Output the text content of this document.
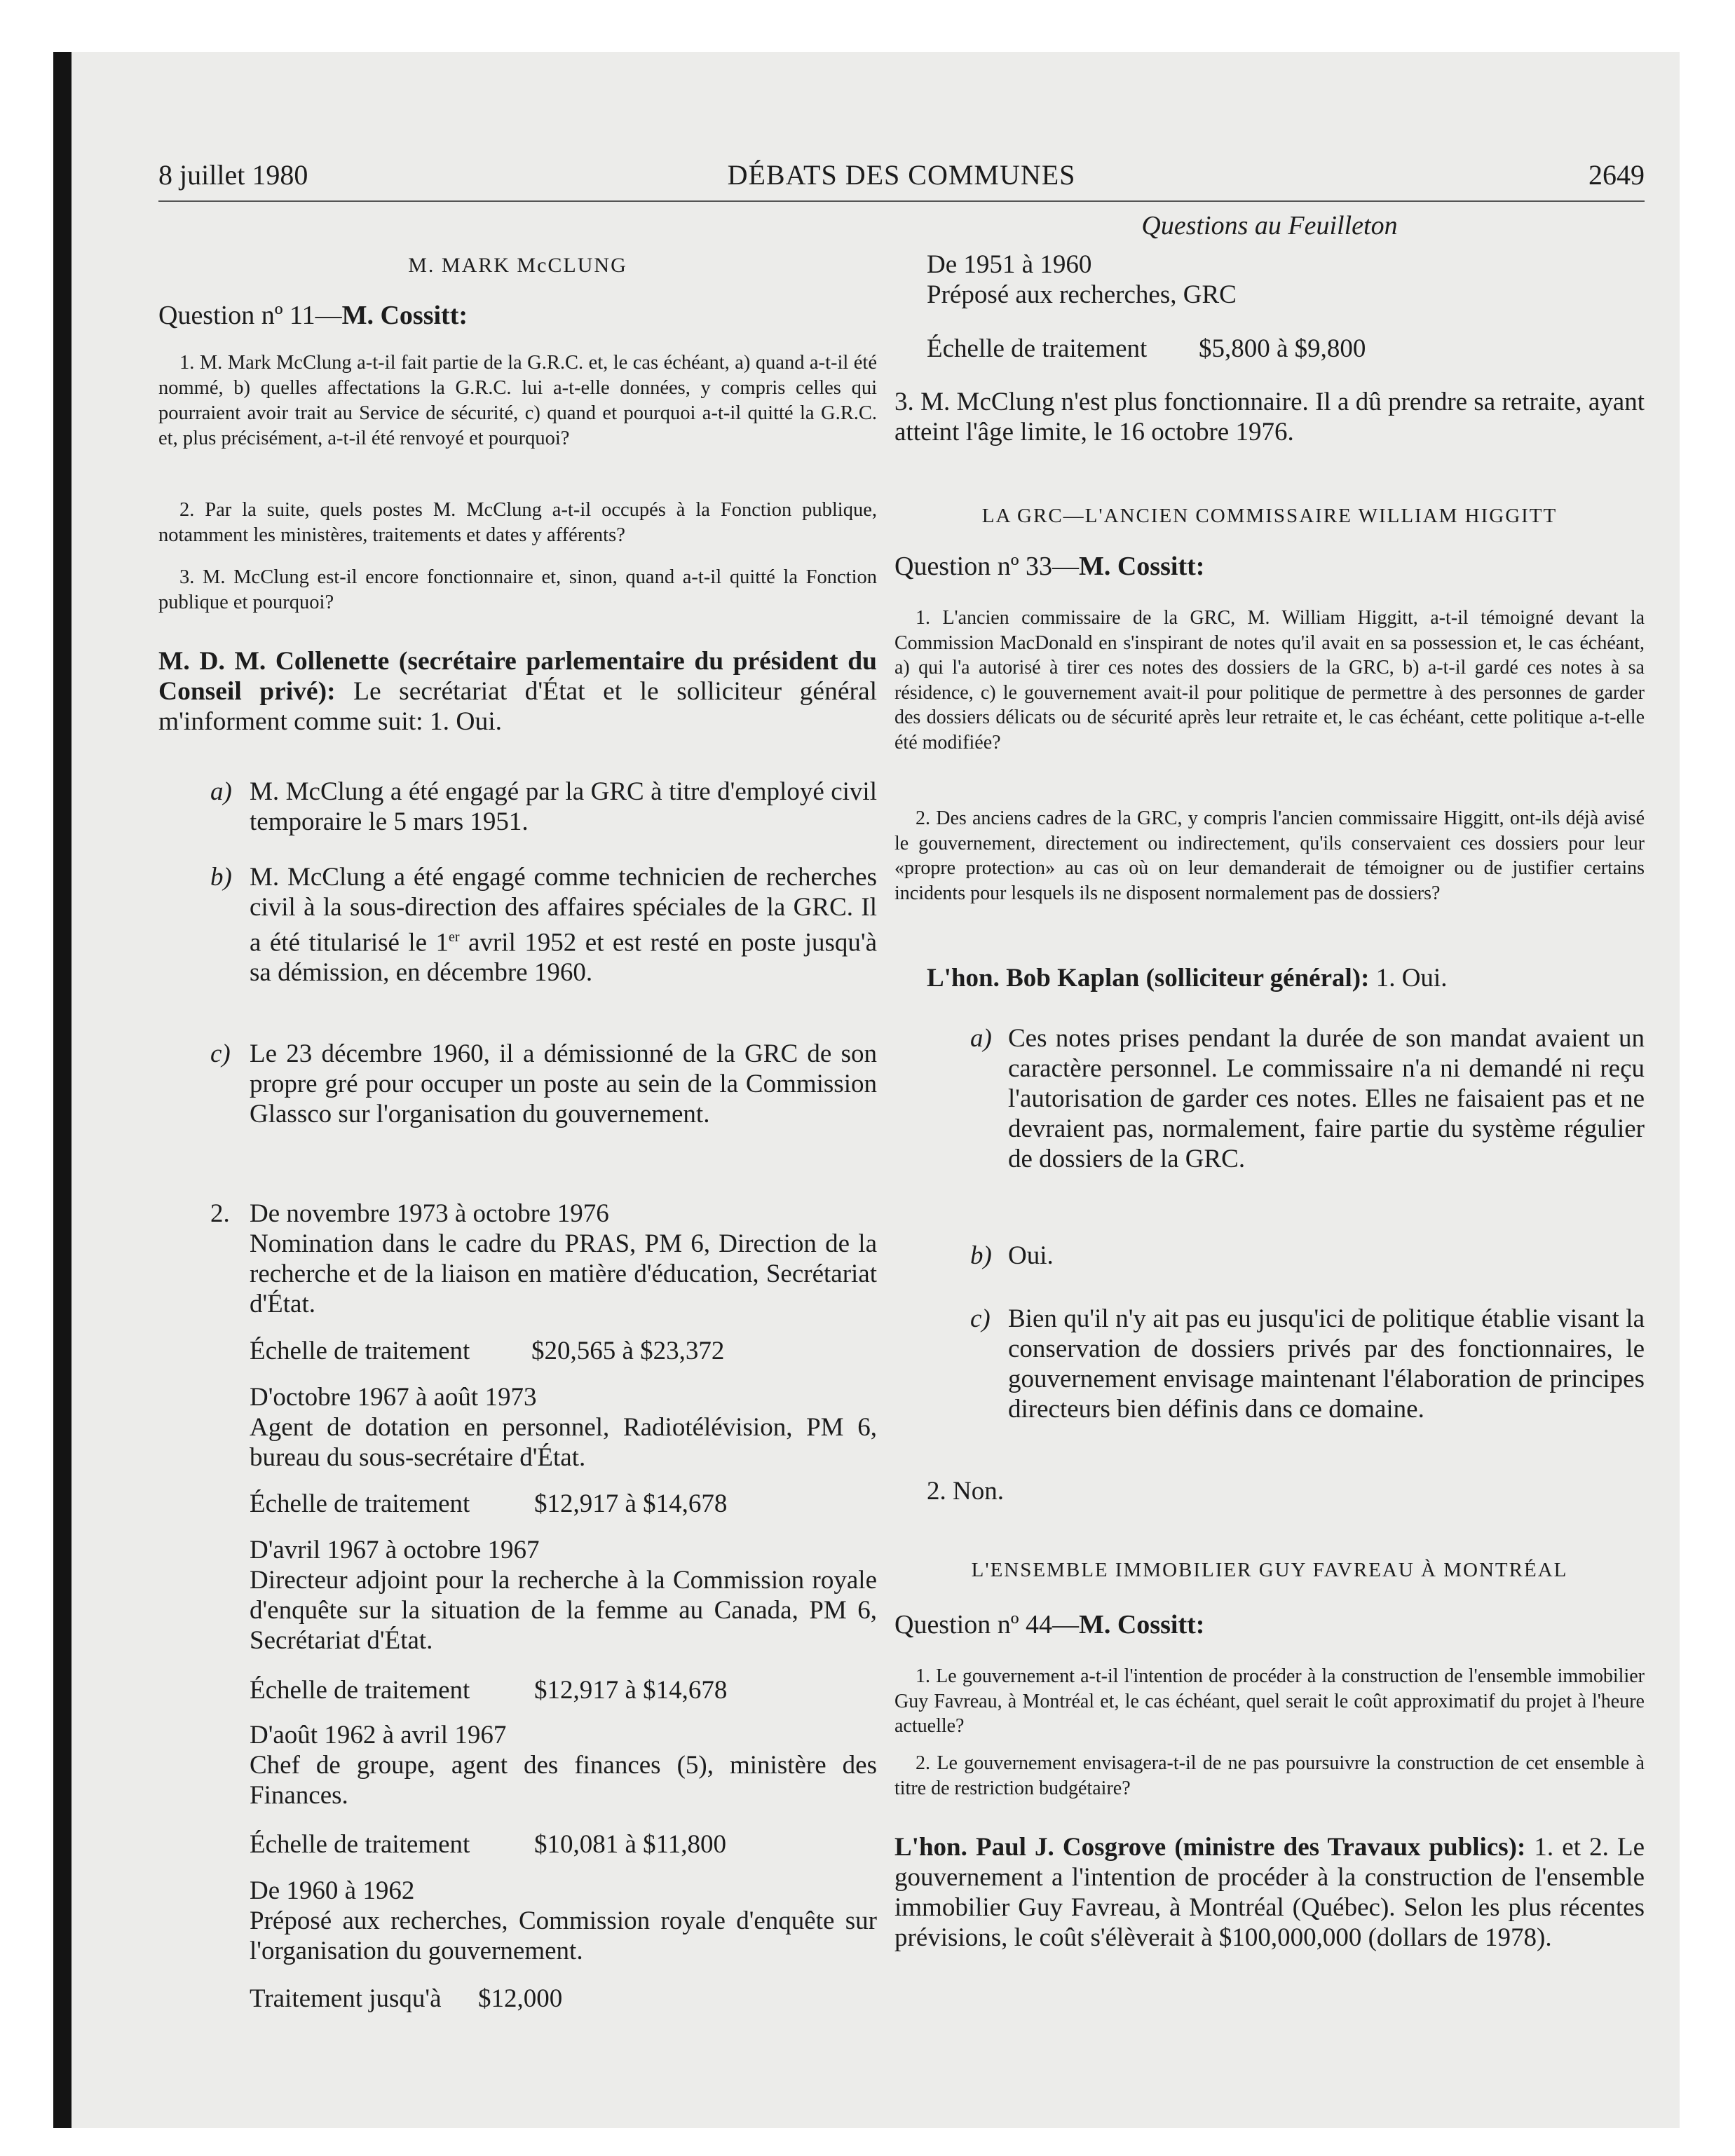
8 juillet 1980	DÉBATS DES COMMUNES	2649
M. MARK McCLUNG
Question nº 11—M. Cossitt:
1. M. Mark McClung a-t-il fait partie de la G.R.C. et, le cas échéant, a) quand a-t-il été nommé, b) quelles affectations la G.R.C. lui a-t-elle données, y compris celles qui pourraient avoir trait au Service de sécurité, c) quand et pourquoi a-t-il quitté la G.R.C. et, plus précisément, a-t-il été renvoyé et pourquoi?
2. Par la suite, quels postes M. McClung a-t-il occupés à la Fonction publique, notamment les ministères, traitements et dates y afférents?
3. M. McClung est-il encore fonctionnaire et, sinon, quand a-t-il quitté la Fonction publique et pourquoi?
M. D. M. Collenette (secrétaire parlementaire du président du Conseil privé): Le secrétariat d'État et le solliciteur général m'informent comme suit: 1. Oui.
a) M. McClung a été engagé par la GRC à titre d'employé civil temporaire le 5 mars 1951.
b) M. McClung a été engagé comme technicien de recherches civil à la sous-direction des affaires spéciales de la GRC. Il a été titularisé le 1er avril 1952 et est resté en poste jusqu'à sa démission, en décembre 1960.
c) Le 23 décembre 1960, il a démissionné de la GRC de son propre gré pour occuper un poste au sein de la Commission Glassco sur l'organisation du gouvernement.
2. De novembre 1973 à octobre 1976
Nomination dans le cadre du PRAS, PM 6, Direction de la recherche et de la liaison en matière d'éducation, Secrétariat d'État.
Échelle de traitement $20,565 à $23,372
D'octobre 1967 à août 1973
Agent de dotation en personnel, Radiotélévision, PM 6, bureau du sous-secrétaire d'État.
Échelle de traitement $12,917 à $14,678
D'avril 1967 à octobre 1967
Directeur adjoint pour la recherche à la Commission royale d'enquête sur la situation de la femme au Canada, PM 6, Secrétariat d'État.
Échelle de traitement $12,917 à $14,678
D'août 1962 à avril 1967
Chef de groupe, agent des finances (5), ministère des Finances.
Échelle de traitement $10,081 à $11,800
De 1960 à 1962
Préposé aux recherches, Commission royale d'enquête sur l'organisation du gouvernement.
Traitement jusqu'à $12,000
Questions au Feuilleton
De 1951 à 1960
Préposé aux recherches, GRC
Échelle de traitement $5,800 à $9,800
3. M. McClung n'est plus fonctionnaire. Il a dû prendre sa retraite, ayant atteint l'âge limite, le 16 octobre 1976.
LA GRC—L'ANCIEN COMMISSAIRE WILLIAM HIGGITT
Question nº 33—M. Cossitt:
1. L'ancien commissaire de la GRC, M. William Higgitt, a-t-il témoigné devant la Commission MacDonald en s'inspirant de notes qu'il avait en sa possession et, le cas échéant, a) qui l'a autorisé à tirer ces notes des dossiers de la GRC, b) a-t-il gardé ces notes à sa résidence, c) le gouvernement avait-il pour politique de permettre à des personnes de garder des dossiers délicats ou de sécurité après leur retraite et, le cas échéant, cette politique a-t-elle été modifiée?
2. Des anciens cadres de la GRC, y compris l'ancien commissaire Higgitt, ont-ils déjà avisé le gouvernement, directement ou indirectement, qu'ils conservaient ces dossiers pour leur «propre protection» au cas où on leur demanderait de témoigner ou de justifier certains incidents pour lesquels ils ne disposent normalement pas de dossiers?
L'hon. Bob Kaplan (solliciteur général): 1. Oui.
a) Ces notes prises pendant la durée de son mandat avaient un caractère personnel. Le commissaire n'a ni demandé ni reçu l'autorisation de garder ces notes. Elles ne faisaient pas et ne devraient pas, normalement, faire partie du système régulier de dossiers de la GRC.
b) Oui.
c) Bien qu'il n'y ait pas eu jusqu'ici de politique établie visant la conservation de dossiers privés par des fonctionnaires, le gouvernement envisage maintenant l'élaboration de principes directeurs bien définis dans ce domaine.
2. Non.
L'ENSEMBLE IMMOBILIER GUY FAVREAU À MONTRÉAL
Question nº 44—M. Cossitt:
1. Le gouvernement a-t-il l'intention de procéder à la construction de l'ensemble immobilier Guy Favreau, à Montréal et, le cas échéant, quel serait le coût approximatif du projet à l'heure actuelle?
2. Le gouvernement envisagera-t-il de ne pas poursuivre la construction de cet ensemble à titre de restriction budgétaire?
L'hon. Paul J. Cosgrove (ministre des Travaux publics): 1. et 2. Le gouvernement a l'intention de procéder à la construction de l'ensemble immobilier Guy Favreau, à Montréal (Québec). Selon les plus récentes prévisions, le coût s'élèverait à $100,000,000 (dollars de 1978).
